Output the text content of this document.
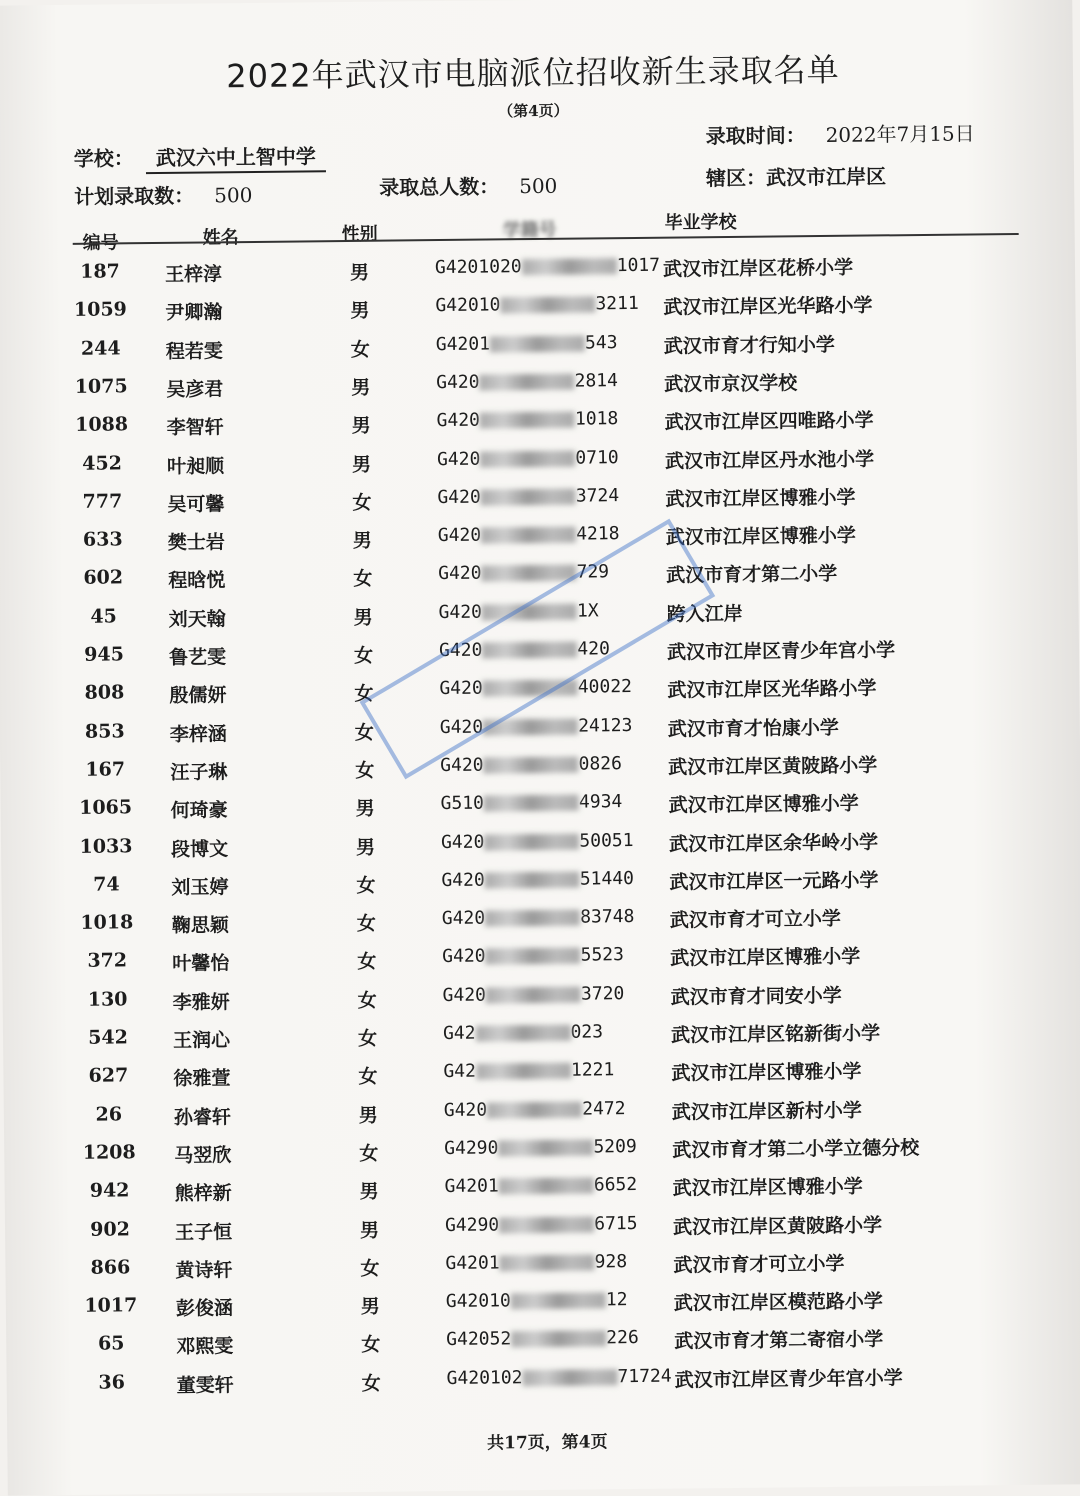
2022年武汉市电脑派位招收新生录取名单
（第4页）
学校： 武汉六中上智中学
录取时间： 2022年7月15日
计划录取数： 500	录取总人数： 500	辖区：武汉市江岸区
编号	姓名	性别	学籍号	毕业学校
187	王梓淳	男	G4201020	1017 武汉市江岸区花桥小学
1059	尹卿瀚	男	G42010	3211 武汉市江岸区光华路小学
244	程若雯	女	G4201	543 武汉市育才行知小学
1075	吴彦君	男	G420	2814 武汉市京汉学校
1088	李智轩	男	G420	1018 武汉市江岸区四唯路小学
452	叶昶顺	男	G420	0710 武汉市江岸区丹水池小学
777	吴可馨	女	G420	3724 武汉市江岸区博雅小学
633	樊士岩	男	G420	4218 武汉市江岸区博雅小学
602	程晗悦	女	G420	729	武汉市育才第二小学
45	刘天翰	男	G420	1X	跨入江岸
945	鲁艺雯	女	G420	420	武汉市江岸区青少年宫小学
808	殷儒妍	女	G420	40022 武汉市江岸区光华路小学
853	李梓涵	女	G420	24123 武汉市育才怡康小学
167	汪子琳	女	G420	0826 武汉市江岸区黄陂路小学
1065	何琦豪	男	G510	4934 武汉市江岸区博雅小学
1033	段博文	男	G420	50051 武汉市江岸区余华岭小学
74	刘玉婷	女	G420	51440 武汉市江岸区一元路小学
1018	鞠思颖	女	G420	83748 武汉市育才可立小学
372	叶馨怡	女	G420	5523 武汉市江岸区博雅小学
130	李雅妍	女	G420	3720 武汉市育才同安小学
542	王润心	女	G42	023	武汉市江岸区铭新街小学
627	徐雅萱	女	G42	1221	武汉市江岸区博雅小学
26	孙睿轩	男	G420	2472 武汉市江岸区新村小学
1208	马翌欣	女	G4290	5209 武汉市育才第二小学立德分校
942	熊梓新	男	G4201	6652 武汉市江岸区博雅小学
902	王子恒	男	G4290	6715 武汉市江岸区黄陂路小学
866	黄诗轩	女	G4201	928 武汉市育才可立小学
1017	彭俊涵	男	G42010	12 武汉市江岸区模范路小学
65	邓熙雯	女	G42052	226 武汉市育才第二寄宿小学
36	董雯轩	女	G420102	71724 武汉市江岸区青少年宫小学
共17页，第4页
